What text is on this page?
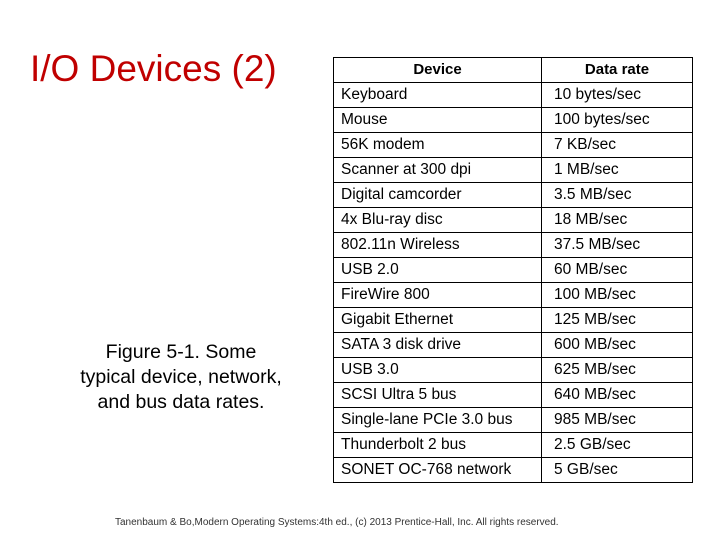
I/O Devices (2)
Figure 5-1. Some typical device, network, and bus data rates.
Device	Data rate
Keyboard	10 bytes/sec
Mouse	100 bytes/sec
56K modem	7 KB/sec
Scanner at 300 dpi	1 MB/sec
Digital camcorder	3.5 MB/sec
4x Blu-ray disc	18 MB/sec
802.11n Wireless	37.5 MB/sec
USB 2.0	60 MB/sec
FireWire 800	100 MB/sec
Gigabit Ethernet	125 MB/sec
SATA 3 disk drive	600 MB/sec
USB 3.0	625 MB/sec
SCSI Ultra 5 bus	640 MB/sec
Single-lane PCIe 3.0 bus	985 MB/sec
Thunderbolt 2 bus	2.5 GB/sec
SONET OC-768 network	5 GB/sec
Tanenbaum & Bo,Modern Operating Systems:4th ed., (c) 2013 Prentice-Hall, Inc. All rights reserved.
